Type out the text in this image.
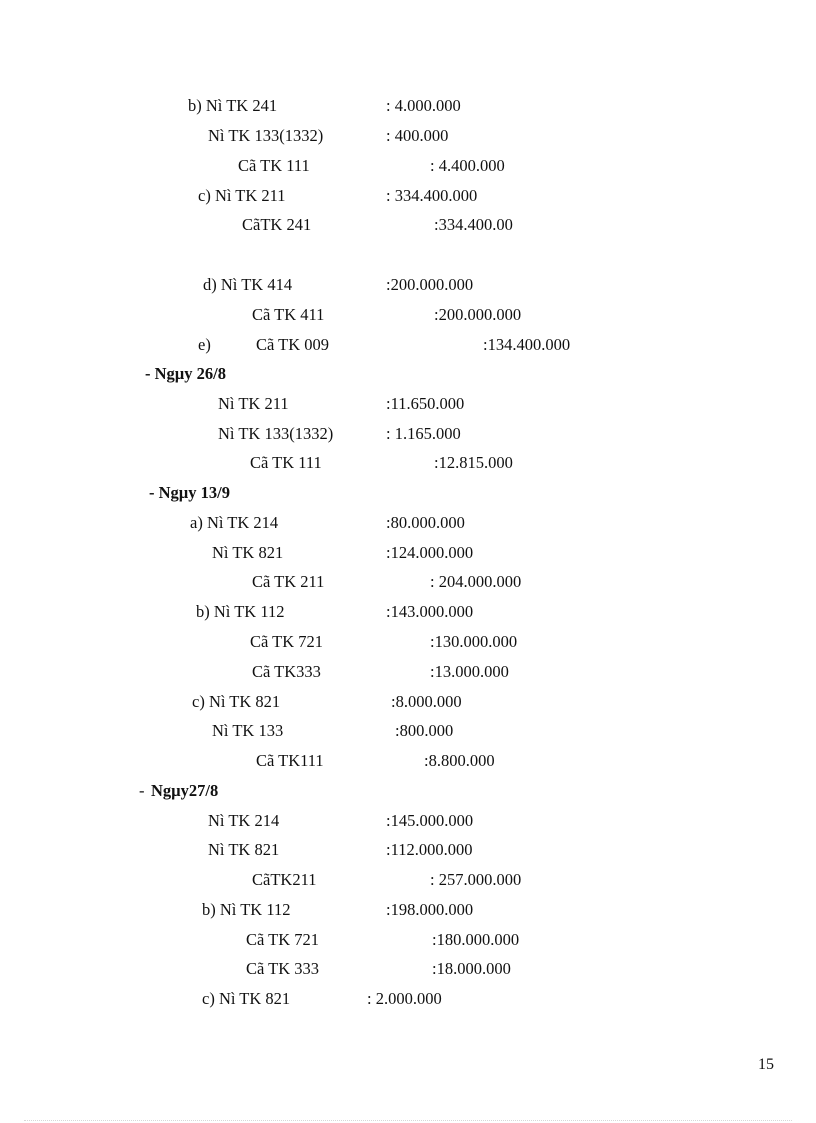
b) Nì TK 241	: 4.000.000
Nì TK 133(1332)	: 400.000
Cã TK 111	: 4.400.000
c) Nì TK 211	: 334.400.000
CãTK 241	:334.400.00
d) Nì TK 414	:200.000.000
Cã TK 411	:200.000.000
e)	Cã TK 009	:134.400.000
- Ngµy 26/8
Nì TK 211	:11.650.000
Nì TK 133(1332)	: 1.165.000
Cã TK 111	:12.815.000
- Ngµy 13/9
a) Nì TK 214	:80.000.000
Nì TK 821	:124.000.000
Cã TK 211	: 204.000.000
b) Nì TK 112	:143.000.000
Cã TK 721	:130.000.000
Cã TK333	:13.000.000
c) Nì TK 821	:8.000.000
Nì TK 133	:800.000
Cã TK111	:8.800.000
- Ngµy27/8
Nì TK 214	:145.000.000
Nì TK 821	:112.000.000
CãTK211	: 257.000.000
b) Nì TK 112	:198.000.000
Cã TK 721	:180.000.000
Cã TK 333	:18.000.000
c) Nì TK 821	: 2.000.000
15
